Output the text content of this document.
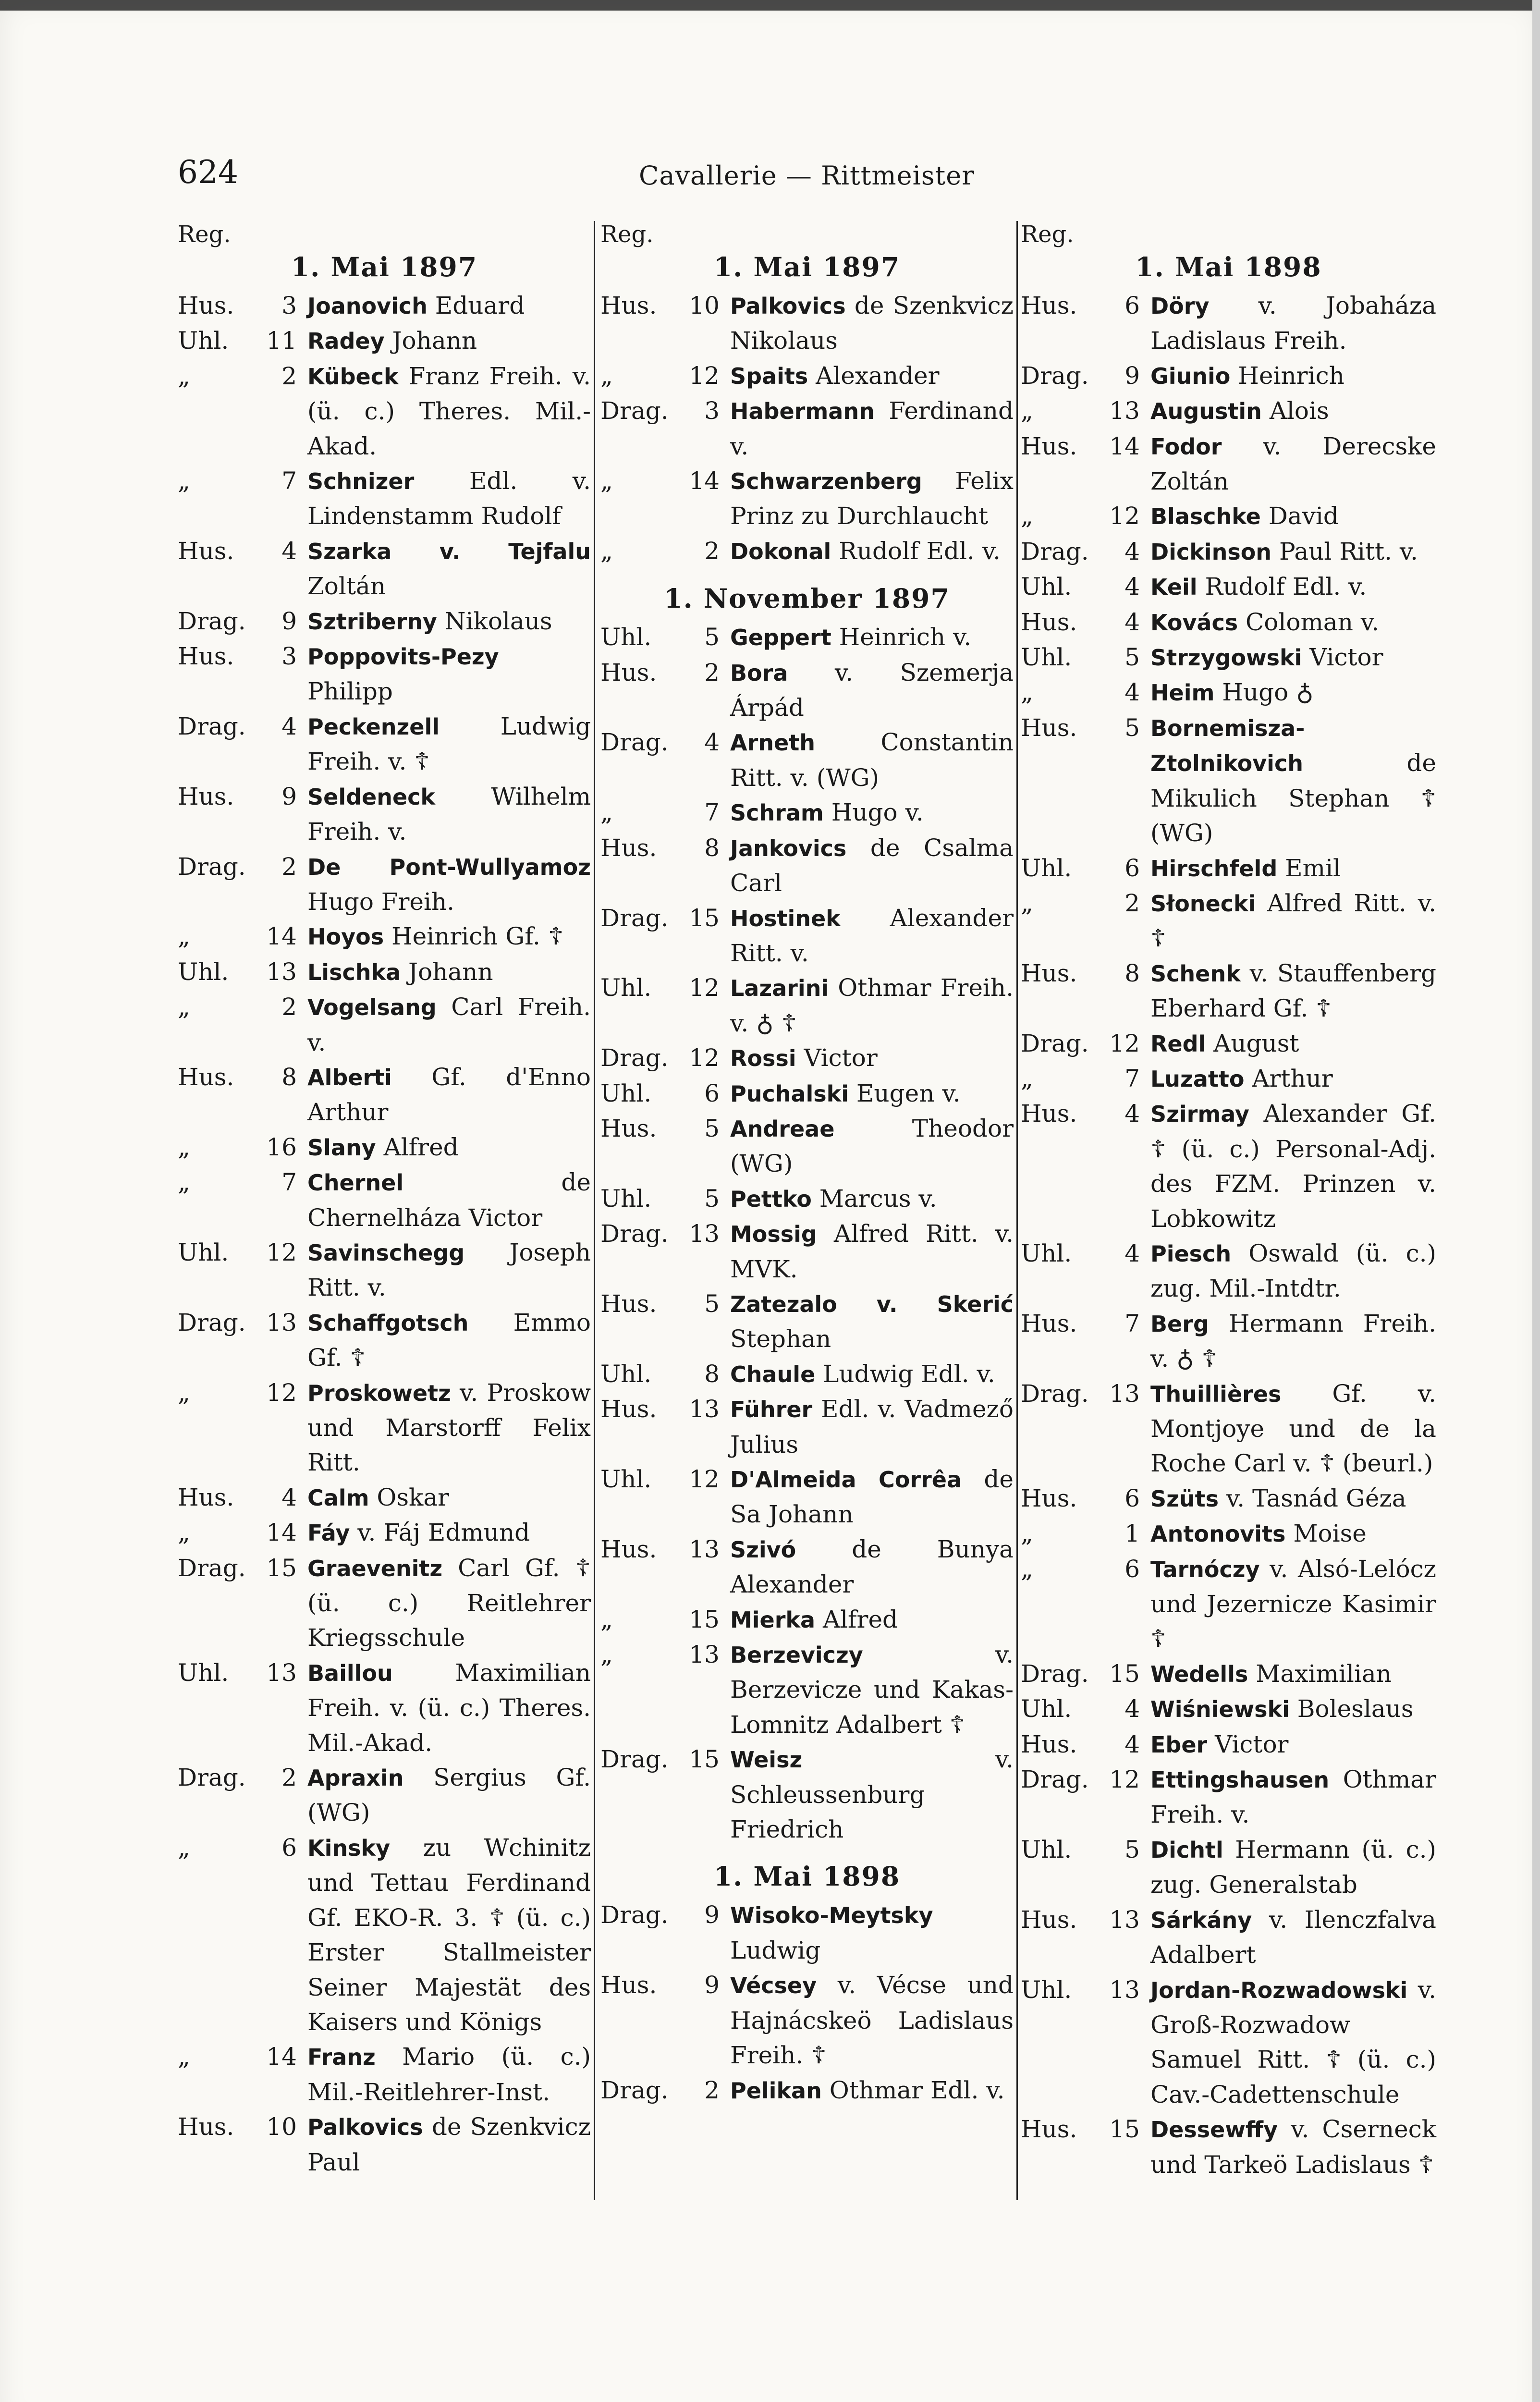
624	Cavallerie — Rittmeister
Reg.
1. Mai 1897
Hus.	3 Joanovich Eduard
Uhl.	11 Radey Johann
„	2 Kübeck Franz Freih. v. (ü. c.) Theres. Mil.-Akad.
„	7 Schnizer Edl. v. Lindenstamm Rudolf
Hus.	4 Szarka v. Tejfalu Zoltán
Drag.	9 Sztriberny Nikolaus
Hus.	3 Poppovits-Pezy Philipp
Drag.	4 Peckenzell Ludwig Freih. v. ☦
Hus.	9 Seldeneck Wilhelm Freih. v.
Drag.	2 De Pont-Wullyamoz Hugo Freih.
„	14 Hoyos Heinrich Gf. ☦
Uhl.	13 Lischka Johann
„	2 Vogelsang Carl Freih. v.
Hus.	8 Alberti Gf. d'Enno Arthur
„	16 Slany Alfred
„	7 Chernel de Chernelháza Victor
Uhl.	12 Savinschegg Joseph Ritt. v.
Drag. 13 Schaffgotsch Emmo Gf. ☦
„	12 Proskowetz v. Proskow und Marstorff Felix Ritt.
Hus.	4 Calm Oskar
„	14 Fáy v. Fáj Edmund
Drag. 15 Graevenitz Carl Gf. ☦ (ü. c.) Reitlehrer Kriegsschule
Uhl.	13 Baillou Maximilian Freih. v. (ü. c.) Theres. Mil.-Akad.
Drag.	2 Apraxin Sergius Gf. (WG)
„	6 Kinsky zu Wchinitz und Tettau Ferdinand Gf. EKO-R. 3. ☦ (ü. c.) Erster Stallmeister Seiner Majestät des Kaisers und Königs
„	14 Franz Mario (ü. c.) Mil.-Reitlehrer-Inst.
Hus.	10 Palkovics de Szenkvicz Paul
Reg.
1. Mai 1897
Hus.	10 Palkovics de Szenkvicz Nikolaus
„	12 Spaits Alexander
Drag.	3 Habermann Ferdinand v.
„	14 Schwarzenberg Felix Prinz zu Durchlaucht
„	2 Dokonal Rudolf Edl. v.
1. November 1897
Uhl.	5 Geppert Heinrich v.
Hus.	2 Bora v. Szemerja Árpád
Drag.	4 Arneth Constantin Ritt. v. (WG)
„	7 Schram Hugo v.
Hus.	8 Jankovics de Csalma Carl
Drag. 15 Hostinek Alexander Ritt. v.
Uhl.	12 Lazarini Othmar Freih. v. ♁ ☦
Drag. 12 Rossi Victor
Uhl.	6 Puchalski Eugen v.
Hus.	5 Andreae Theodor (WG)
Uhl.	5 Pettko Marcus v.
Drag. 13 Mossig Alfred Ritt. v. MVK.
Hus.	5 Zatezalo v. Skerić Stephan
Uhl.	8 Chaule Ludwig Edl. v.
Hus.	13 Führer Edl. v. Vadmező Julius
Uhl.	12 D'Almeida Corrêa de Sa Johann
Hus.	13 Szivó de Bunya Alexander
„	15 Mierka Alfred
„	13 Berzeviczy v. Berzevicze und Kakas-Lomnitz Adalbert ☦
Drag. 15 Weisz v. Schleussenburg Friedrich
1. Mai 1898
Drag.	9 Wisoko-Meytsky Ludwig
Hus.	9 Vécsey v. Vécse und Hajnácskeö Ladislaus Freih. ☦
Drag.	2 Pelikan Othmar Edl. v.
Reg.
1. Mai 1898
Hus.	6 Döry v. Jobaháza Ladislaus Freih.
Drag.	9 Giunio Heinrich
„	13 Augustin Alois
Hus.	14 Fodor v. Derecske Zoltán
„	12 Blaschke David
Drag.	4 Dickinson Paul Ritt. v.
Uhl.	4 Keil Rudolf Edl. v.
Hus.	4 Kovács Coloman v.
Uhl.	5 Strzygowski Victor
„	4 Heim Hugo ♁
Hus.	5 Bornemisza-Ztolnikovich de Mikulich Stephan ☦ (WG)
Uhl.	6 Hirschfeld Emil
„	2 Słonecki Alfred Ritt. v. ☦
Hus.	8 Schenk v. Stauffenberg Eberhard Gf. ☦
Drag. 12 Redl August
„	7 Luzatto Arthur
Hus.	4 Szirmay Alexander Gf. ☦ (ü. c.) Personal-Adj. des FZM. Prinzen v. Lobkowitz
Uhl.	4 Piesch Oswald (ü. c.) zug. Mil.-Intdtr.
Hus.	7 Berg Hermann Freih. v. ♁ ☦
Drag. 13 Thuillières Gf. v. Montjoye und de la Roche Carl v. ☦ (beurl.)
Hus.	6 Szüts v. Tasnád Géza
„	1 Antonovits Moise
„	6 Tarnóczy v. Alsó-Lelócz und Jezernicze Kasimir ☦
Drag. 15 Wedells Maximilian
Uhl.	4 Wiśniewski Boleslaus
Hus.	4 Eber Victor
Drag. 12 Ettingshausen Othmar Freih. v.
Uhl.	5 Dichtl Hermann (ü. c.) zug. Generalstab
Hus.	13 Sárkány v. Ilenczfalva Adalbert
Uhl.	13 Jordan-Rozwadowski v. Groß-Rozwadow Samuel Ritt. ☦ (ü. c.) Cav.-Cadettenschule
Hus.	15 Dessewffy v. Cserneck und Tarkeö Ladislaus ☦
